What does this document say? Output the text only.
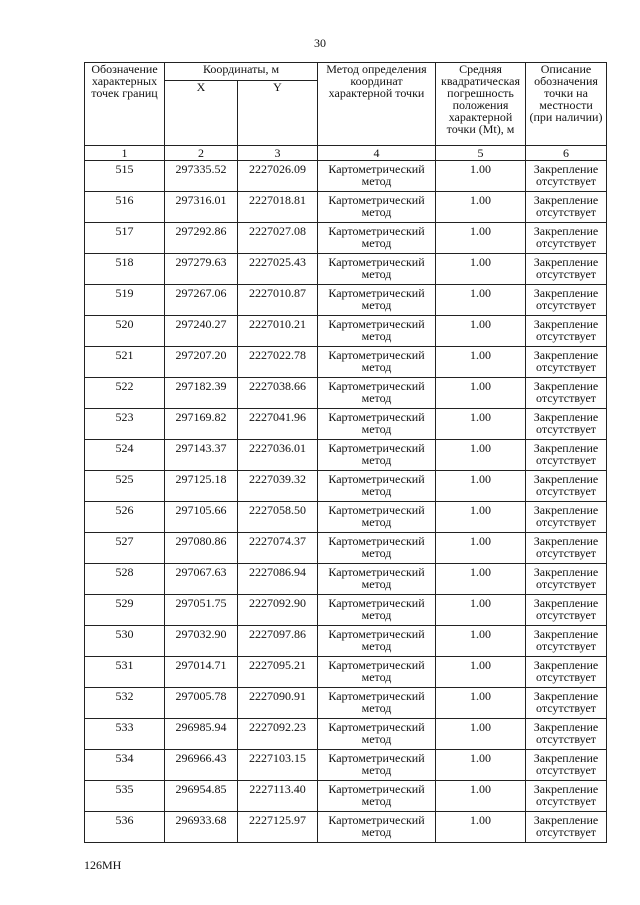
30
Обозначение характерных точек границ	Координаты, м		Метод определения координат характерной точки	Средняя квадратическая погрешность положения характерной точки (Мt), м	Описание обозначения точки на местности (при наличии)
	X	Y			
1	2	3	4	5	6
515	297335.52	2227026.09	Картометрический метод	1.00	Закрепление отсутствует
516	297316.01	2227018.81	Картометрический метод	1.00	Закрепление отсутствует
517	297292.86	2227027.08	Картометрический метод	1.00	Закрепление отсутствует
518	297279.63	2227025.43	Картометрический метод	1.00	Закрепление отсутствует
519	297267.06	2227010.87	Картометрический метод	1.00	Закрепление отсутствует
520	297240.27	2227010.21	Картометрический метод	1.00	Закрепление отсутствует
521	297207.20	2227022.78	Картометрический метод	1.00	Закрепление отсутствует
522	297182.39	2227038.66	Картометрический метод	1.00	Закрепление отсутствует
523	297169.82	2227041.96	Картометрический метод	1.00	Закрепление отсутствует
524	297143.37	2227036.01	Картометрический метод	1.00	Закрепление отсутствует
525	297125.18	2227039.32	Картометрический метод	1.00	Закрепление отсутствует
526	297105.66	2227058.50	Картометрический метод	1.00	Закрепление отсутствует
527	297080.86	2227074.37	Картометрический метод	1.00	Закрепление отсутствует
528	297067.63	2227086.94	Картометрический метод	1.00	Закрепление отсутствует
529	297051.75	2227092.90	Картометрический метод	1.00	Закрепление отсутствует
530	297032.90	2227097.86	Картометрический метод	1.00	Закрепление отсутствует
531	297014.71	2227095.21	Картометрический метод	1.00	Закрепление отсутствует
532	297005.78	2227090.91	Картометрический метод	1.00	Закрепление отсутствует
533	296985.94	2227092.23	Картометрический метод	1.00	Закрепление отсутствует
534	296966.43	2227103.15	Картометрический метод	1.00	Закрепление отсутствует
535	296954.85	2227113.40	Картометрический метод	1.00	Закрепление отсутствует
536	296933.68	2227125.97	Картометрический метод	1.00	Закрепление отсутствует
126МН
